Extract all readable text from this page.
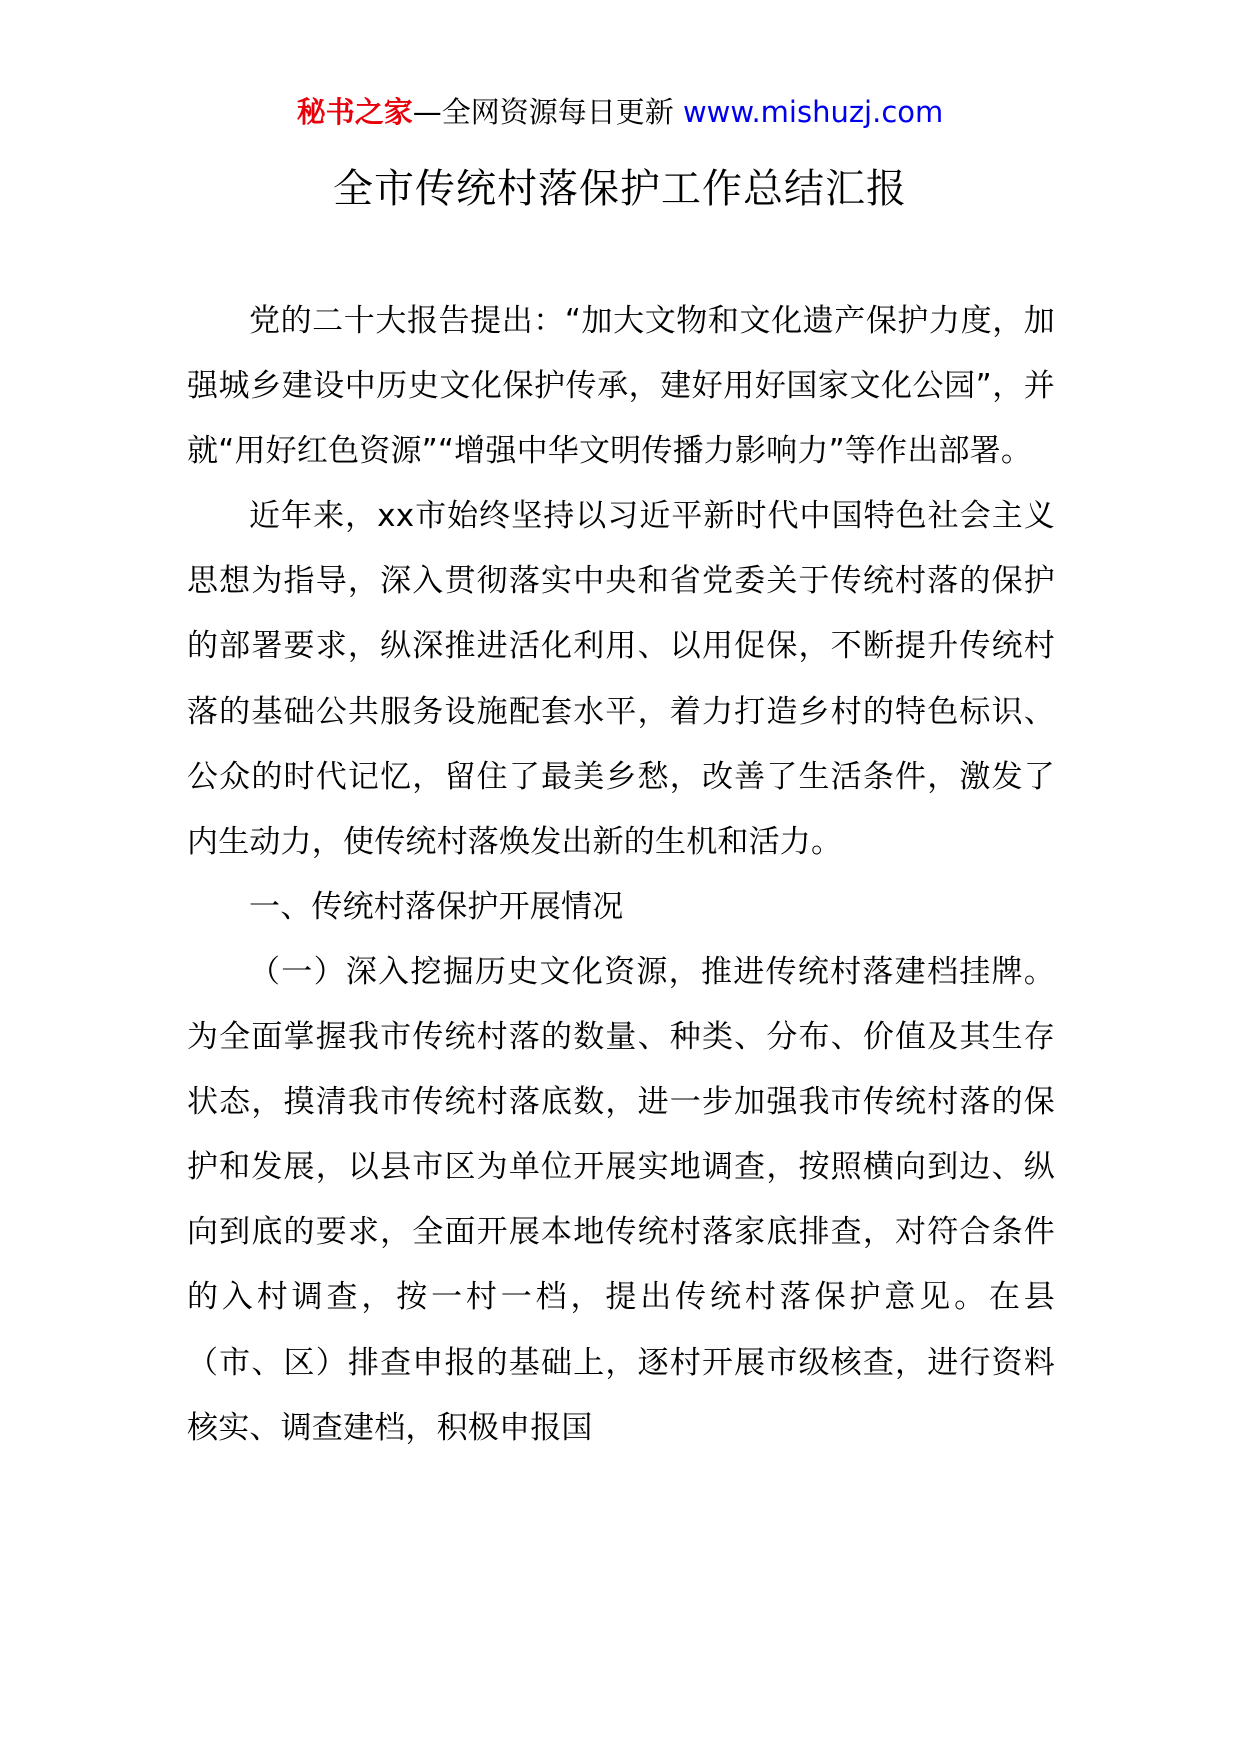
秘书之家—全网资源每日更新 www.mishuzj.com
全市传统村落保护工作总结汇报

党的二十大报告提出：“加大文物和文化遗产保护力度，加强城乡建设中历史文化保护传承，建好用好国家文化公园”，并就“用好红色资源”“增强中华文明传播力影响力”等作出部署。

近年来，xx市始终坚持以习近平新时代中国特色社会主义思想为指导，深入贯彻落实中央和省党委关于传统村落的保护的部署要求，纵深推进活化利用、以用促保，不断提升传统村落的基础公共服务设施配套水平，着力打造乡村的特色标识、公众的时代记忆，留住了最美乡愁，改善了生活条件，激发了内生动力，使传统村落焕发出新的生机和活力。

一、传统村落保护开展情况

（一）深入挖掘历史文化资源，推进传统村落建档挂牌。为全面掌握我市传统村落的数量、种类、分布、价值及其生存状态，摸清我市传统村落底数，进一步加强我市传统村落的保护和发展，以县市区为单位开展实地调查，按照横向到边、纵向到底的要求，全面开展本地传统村落家底排查，对符合条件的入村调查，按一村一档，提出传统村落保护意见。在县（市、区）排查申报的基础上，逐村开展市级核查，进行资料核实、调查建档，积极申报国
